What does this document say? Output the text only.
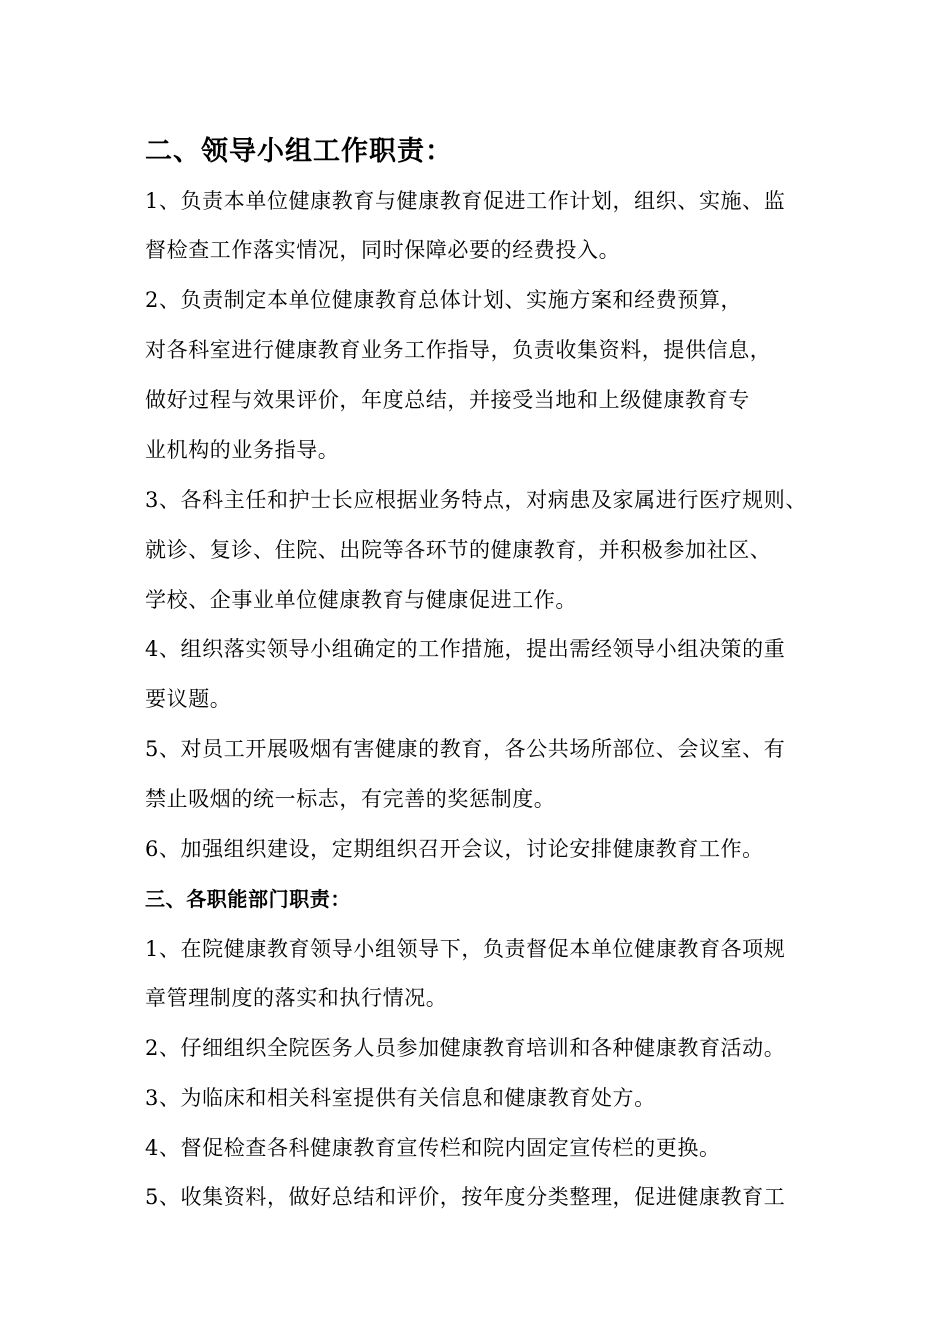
二、领导小组工作职责：
1、负责本单位健康教育与健康教育促进工作计划，组织、实施、监
督检查工作落实情况，同时保障必要的经费投入。
2、负责制定本单位健康教育总体计划、实施方案和经费预算，
对各科室进行健康教育业务工作指导，负责收集资料，提供信息，
做好过程与效果评价，年度总结，并接受当地和上级健康教育专
业机构的业务指导。
3、各科主任和护士长应根据业务特点，对病患及家属进行医疗规则、
就诊、复诊、住院、出院等各环节的健康教育，并积极参加社区、
学校、企事业单位健康教育与健康促进工作。
4、组织落实领导小组确定的工作措施，提出需经领导小组决策的重
要议题。
5、对员工开展吸烟有害健康的教育，各公共场所部位、会议室、有
禁止吸烟的统一标志，有完善的奖惩制度。
6、加强组织建设，定期组织召开会议，讨论安排健康教育工作。
三、各职能部门职责：
1、在院健康教育领导小组领导下，负责督促本单位健康教育各项规
章管理制度的落实和执行情况。
2、仔细组织全院医务人员参加健康教育培训和各种健康教育活动。
3、为临床和相关科室提供有关信息和健康教育处方。
4、督促检查各科健康教育宣传栏和院内固定宣传栏的更换。
5、收集资料，做好总结和评价，按年度分类整理，促进健康教育工
